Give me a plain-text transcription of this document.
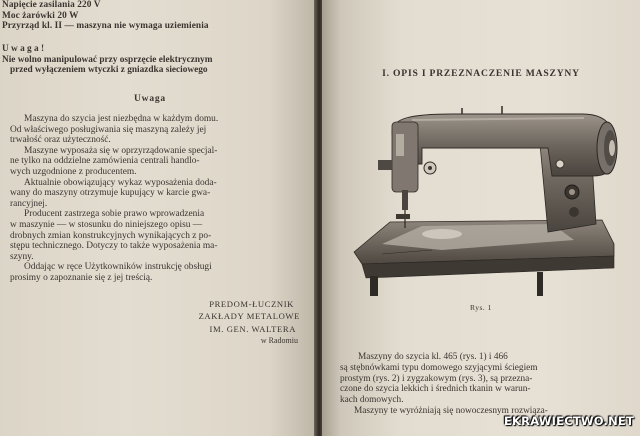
Napięcie zasilania 220 V
Moc żarówki 20 W
Przyrząd kl. II — maszyna nie wymaga uziemienia
U w a g a !
Nie wolno manipulować przy osprzęcie elektrycznym
przed wyłączeniem wtyczki z gniazdka sieciowego
Uwaga
Maszyna do szycia jest niezbędna w każdym domu.
Od właściwego posługiwania się maszyną zależy jej
trwałość oraz użyteczność.
Maszyne wyposaża się w oprzyrządowanie specjal-
ne tylko na oddzielne zamówienia centrali handlo-
wych uzgodnione z producentem.
Aktualnie obowiązujący wykaz wyposażenia doda-
wany do maszyny otrzymuje kupujący w karcie gwa-
rancyjnej.
Producent zastrzega sobie prawo wprowadzenia
w maszynie — w stosunku do niniejszego opisu —
drobnych zmian konstrukcyjnych wynikających z po-
stępu technicznego. Dotyczy to także wyposażenia ma-
szyny.
Oddając w ręce Użytkowników instrukcję obsługi
prosimy o zapoznanie się z jej treścią.
PREDOM-ŁUCZNIK
ZAKŁADY METALOWE
IM. GEN. WALTERA
w Radomiu
I. OPIS I PRZEZNACZENIE MASZYNY
Rys. 1
Maszyny do szycia kl. 465 (rys. 1) i 466
są stębnówkami typu domowego szyjącymi ściegiem
prostym (rys. 2) i zygzakowym (rys. 3), są przezna-
czone do szycia lekkich i średnich tkanin w warun-
kach domowych.
Maszyny te wyróżniają się nowoczesnym rozwiąza-
EKRAWIECTWO.NET
